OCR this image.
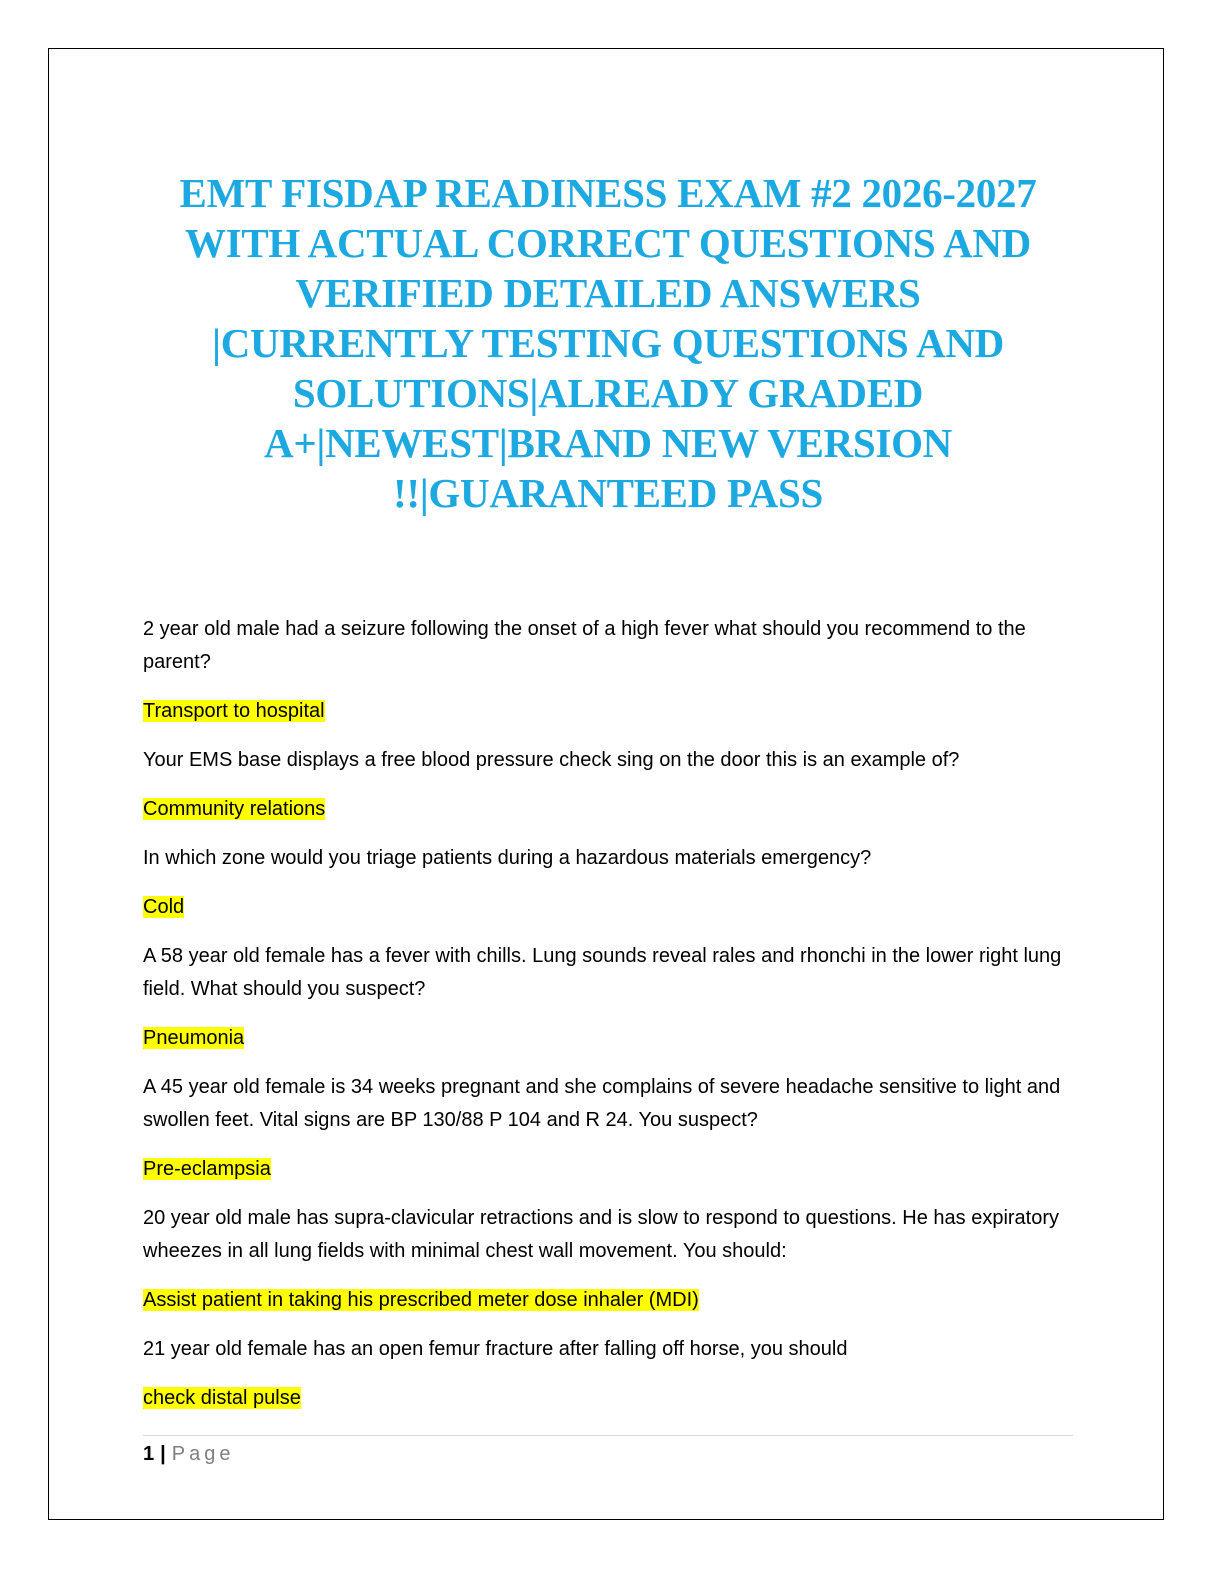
EMT FISDAP READINESS EXAM #2 2026-2027
WITH ACTUAL CORRECT QUESTIONS AND
VERIFIED DETAILED ANSWERS
|CURRENTLY TESTING QUESTIONS AND
SOLUTIONS|ALREADY GRADED
A+|NEWEST|BRAND NEW VERSION
!!|GUARANTEED PASS

2 year old male had a seizure following the onset of a high fever what should you recommend to the parent?

Transport to hospital

Your EMS base displays a free blood pressure check sing on the door this is an example of?

Community relations

In which zone would you triage patients during a hazardous materials emergency?

Cold

A 58 year old female has a fever with chills. Lung sounds reveal rales and rhonchi in the lower right lung field. What should you suspect?

Pneumonia

A 45 year old female is 34 weeks pregnant and she complains of severe headache sensitive to light and swollen feet. Vital signs are BP 130/88 P 104 and R 24. You suspect?

Pre-eclampsia

20 year old male has supra-clavicular retractions and is slow to respond to questions. He has expiratory wheezes in all lung fields with minimal chest wall movement. You should:

Assist patient in taking his prescribed meter dose inhaler (MDI)

21 year old female has an open femur fracture after falling off horse, you should

check distal pulse

1 | Page
